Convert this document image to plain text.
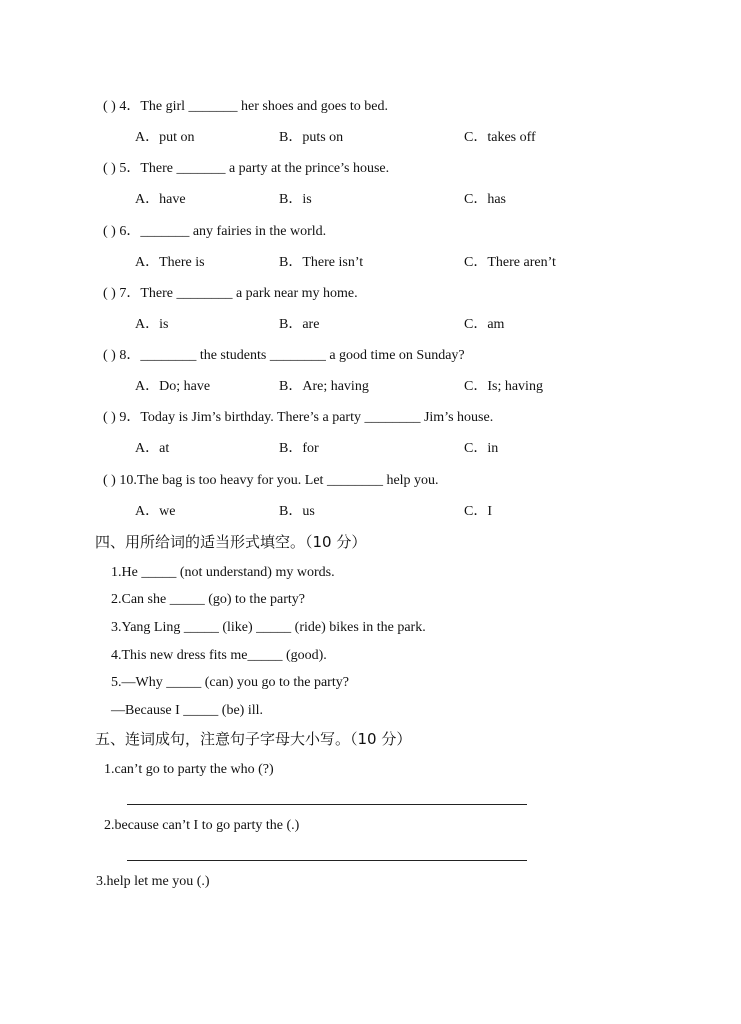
( ) 4．The girl _______ her shoes and goes to bed.
A．put on	B．puts on	C．takes off
( ) 5．There _______ a party at the prince’s house.
A．have	B．is	C．has
( ) 6．_______ any fairies in the world.
A．There is	B．There isn’t	C．There aren’t
( ) 7．There ________ a park near my home.
A．is	B．are	C．am
( ) 8．________ the students ________ a good time on Sunday?
A．Do; have	B．Are; having	C．Is; having
( ) 9．Today is Jim’s birthday. There’s a party ________ Jim’s house.
A．at	B．for	C．in
( ) 10.The bag is too heavy for you. Let ________ help you.
A．we	B．us	C．I
四、用所给词的适当形式填空。（10 分）
1.He _____ (not understand) my words.
2.Can she _____ (go) to the party?
3.Yang Ling _____ (like) _____ (ride) bikes in the park.
4.This new dress fits me_____ (good).
5.—Why _____ (can) you go to the party?
—Because I _____ (be) ill.
五、连词成句，注意句子字母大小写。（10 分）
1.can’t go to party the who (?)
2.because can’t I to go party the (.)
3.help let me you (.)
